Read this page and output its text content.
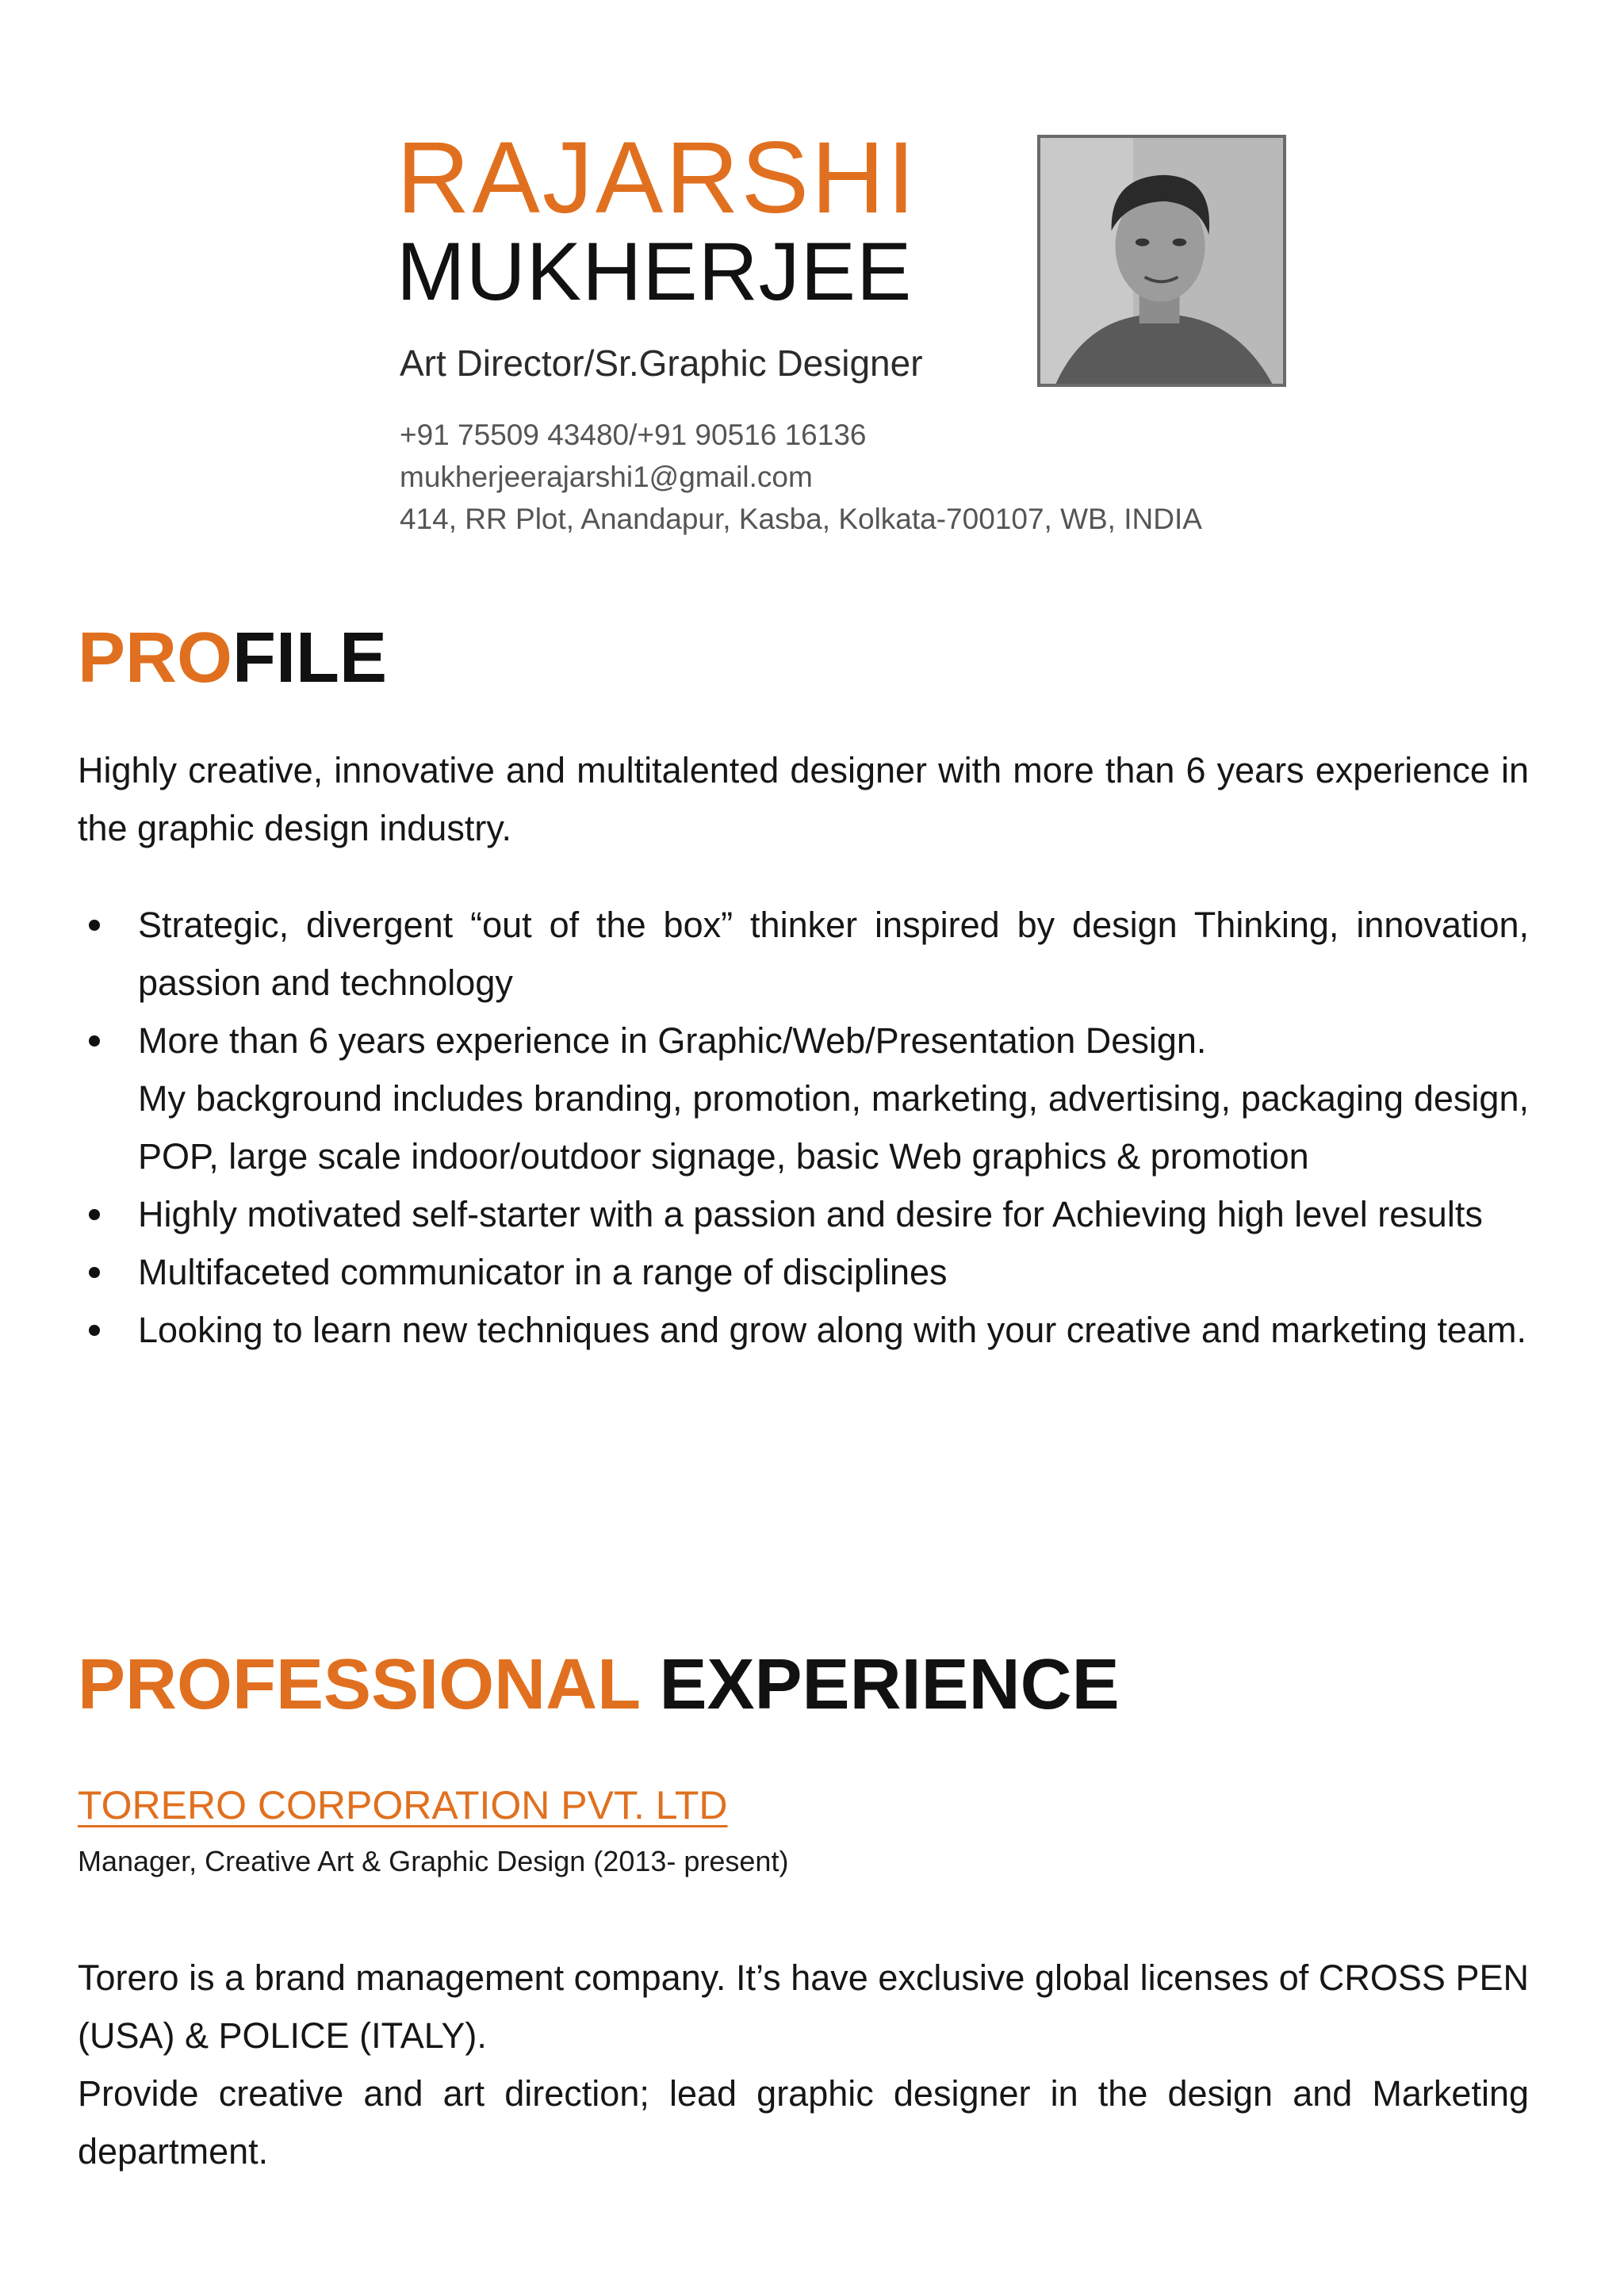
RAJARSHI
MUKHERJEE
Art Director/Sr.Graphic Designer
+91 75509 43480/+91 90516 16136
mukherjeerajarshi1@gmail.com
414, RR Plot, Anandapur, Kasba, Kolkata-700107, WB, INDIA
PROFILE
Highly creative, innovative and multitalented designer with more than 6 years experience in the graphic design industry.

Strategic, divergent “out of the box” thinker inspired by design Thinking, innovation, passion and technology

More than 6 years experience in Graphic/Web/Presentation Design.

My background includes branding, promotion, marketing, advertising, packaging design, POP, large scale indoor/outdoor signage, basic Web graphics & promotion

Highly motivated self-starter with a passion and desire for Achieving high level results

Multifaceted communicator in a range of disciplines

Looking to learn new techniques and grow along with your creative and marketing team.

PROFESSIONAL EXPERIENCE
TORERO CORPORATION PVT. LTD
Manager, Creative Art & Graphic Design (2013- present)

Torero is a brand management company. It’s have exclusive global licenses of CROSS PEN (USA) & POLICE (ITALY).

Provide creative and art direction; lead graphic designer in the design and Marketing department.
